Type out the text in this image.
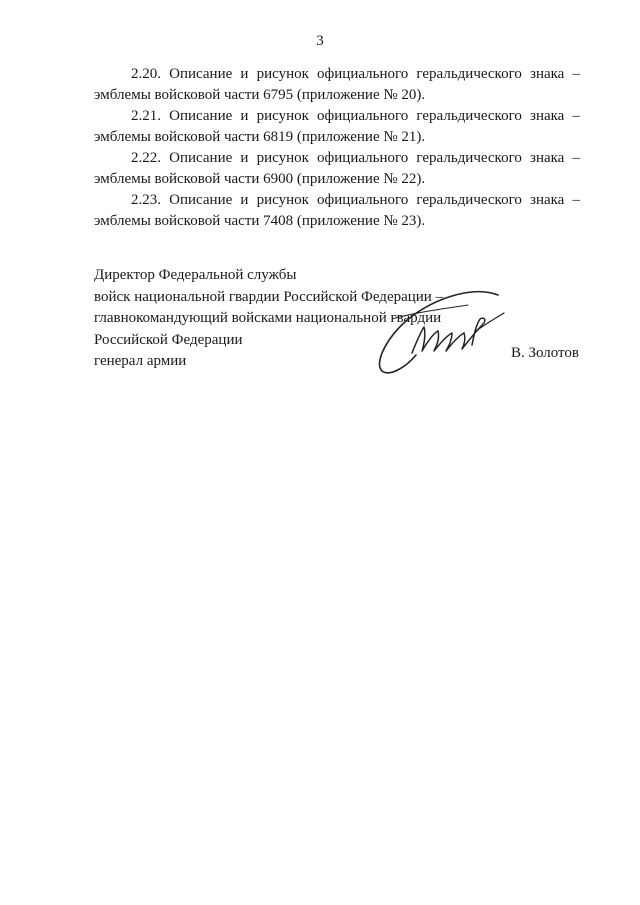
3

2.20. Описание и рисунок официального геральдического знака –
эмблемы войсковой части 6795 (приложение № 20).

2.21. Описание и рисунок официального геральдического знака –
эмблемы войсковой части 6819 (приложение № 21).

2.22. Описание и рисунок официального геральдического знака –
эмблемы войсковой части 6900 (приложение № 22).

2.23. Описание и рисунок официального геральдического знака –
эмблемы войсковой части 7408 (приложение № 23).

Директор Федеральной службы
войск национальной гвардии Российской Федерации –
главнокомандующий войсками национальной гвардии
Российской Федерации
генерал армии	В. Золотов
